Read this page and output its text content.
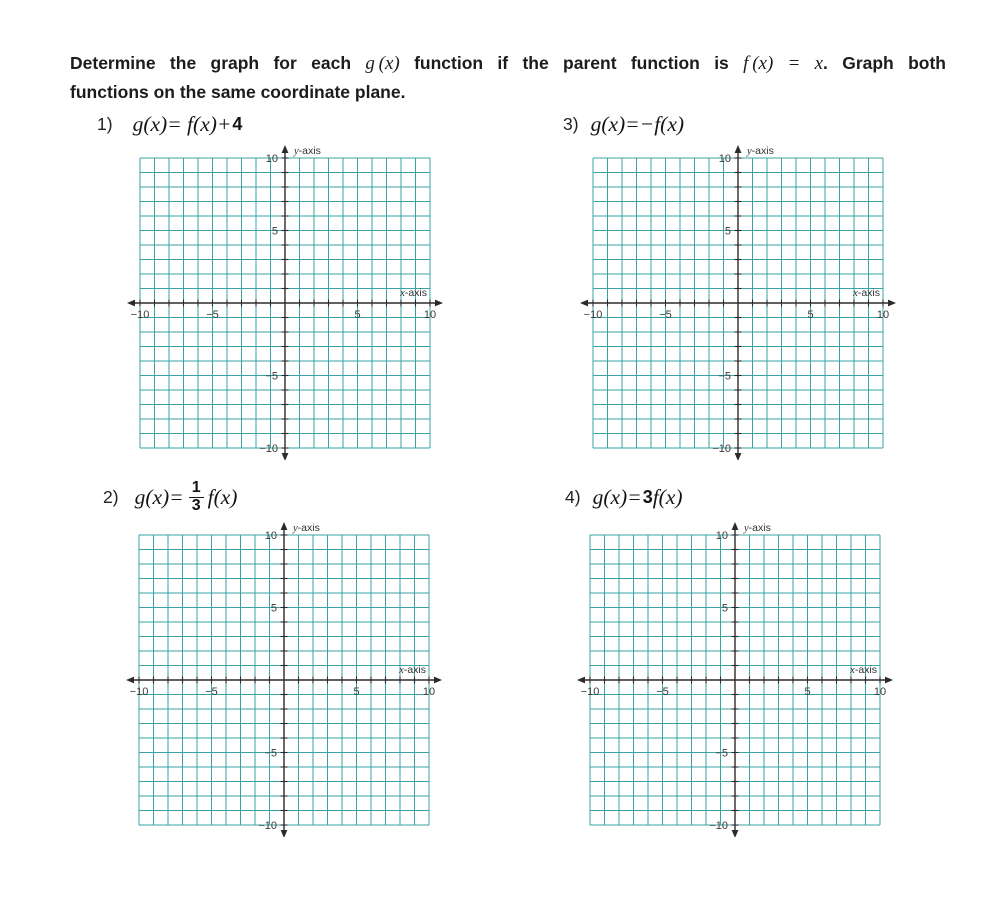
Determine the graph for each g (x) function if the parent function is f (x) = x. Graph both
functions on the same coordinate plane.
1) g(x)= f(x)+ 4
−10	−5	5	10
10
5
−5
−10
x-axis
y-axis
3) g(x)=−f(x)
−10	−5	5	10
10
5
−5
−10
x-axis
y-axis
2) $g(x)= \frac{1}{3} f(x)$
−10	−5	5	10
10
5
−5
−10
x-axis
y-axis
4) g(x)= 3 f(x)
−10	−5	5	10
10
5
−5
−10
x-axis
y-axis
